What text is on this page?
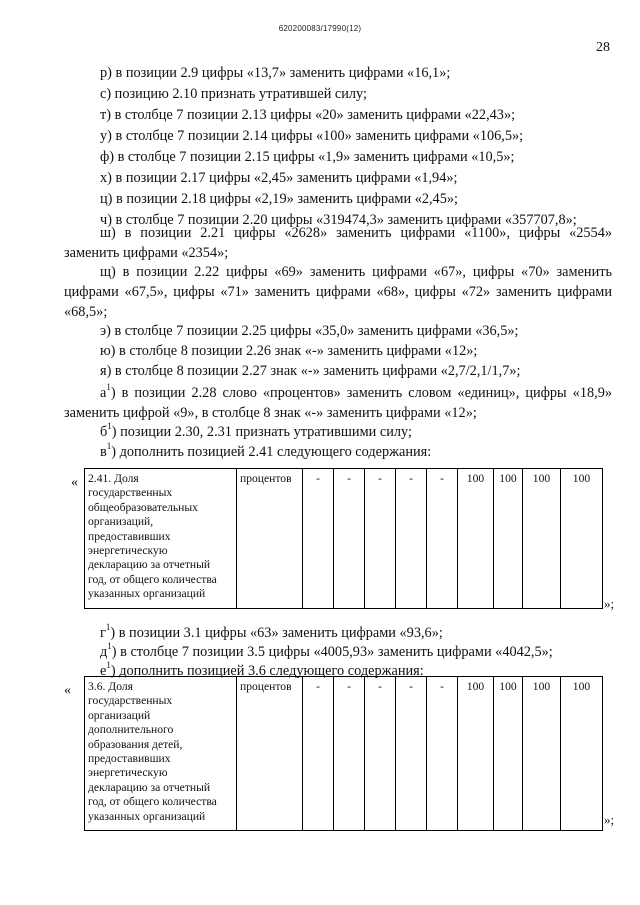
620200083/17990(12)
28

р) в позиции 2.9 цифры «13,7» заменить цифрами «16,1»;

с) позицию 2.10 признать утратившей силу;

т) в столбце 7 позиции 2.13 цифры «20» заменить цифрами «22,43»;

у) в столбце 7 позиции 2.14 цифры «100» заменить цифрами «106,5»;

ф) в столбце 7 позиции 2.15 цифры «1,9» заменить цифрами «10,5»;

х) в позиции 2.17 цифры «2,45» заменить цифрами «1,94»;

ц) в позиции 2.18 цифры «2,19» заменить цифрами «2,45»;

ч) в столбце 7 позиции 2.20 цифры «319474,3» заменить цифрами «357707,8»;

ш) в позиции 2.21 цифры «2628» заменить цифрами «1100», цифры «2554» заменить цифрами «2354»;

щ) в позиции 2.22 цифры «69» заменить цифрами «67», цифры «70» заменить цифрами «67,5», цифры «71» заменить цифрами «68», цифры «72» заменить цифрами «68,5»;

э) в столбце 7 позиции 2.25 цифры «35,0» заменить цифрами «36,5»;

ю) в столбце 8 позиции 2.26 знак «-» заменить цифрами «12»;

я) в столбце 8 позиции 2.27 знак «-» заменить цифрами «2,7/2,1/1,7»;

$а^1$) в позиции 2.28 слово «процентов» заменить словом «единиц», цифры «18,9» заменить цифрой «9», в столбце 8 знак «-» заменить цифрами «12»;

$б^1$) позиции 2.30, 2.31 признать утратившими силу;

$в^1$) дополнить позицией 2.41 следующего содержания:

« 2.41. Доля
государственных
общеобразовательных
организаций,
предоставивших
энергетическую
декларацию за отчетный
год, от общего количества
указанных организаций	процентов	-	-	-	-	-	100	100	100	100
»;

$г^1$) в позиции 3.1 цифры «63» заменить цифрами «93,6»;

$д^1$) в столбце 7 позиции 3.5 цифры «4005,93» заменить цифрами «4042,5»;

$е^1$) дополнить позицией 3.6 следующего содержания:

« 3.6. Доля
государственных
организаций
дополнительного
образования детей,
предоставивших
энергетическую
декларацию за отчетный
год, от общего количества
указанных организаций	процентов	-	-	-	-	-	100	100	100	100
»;
